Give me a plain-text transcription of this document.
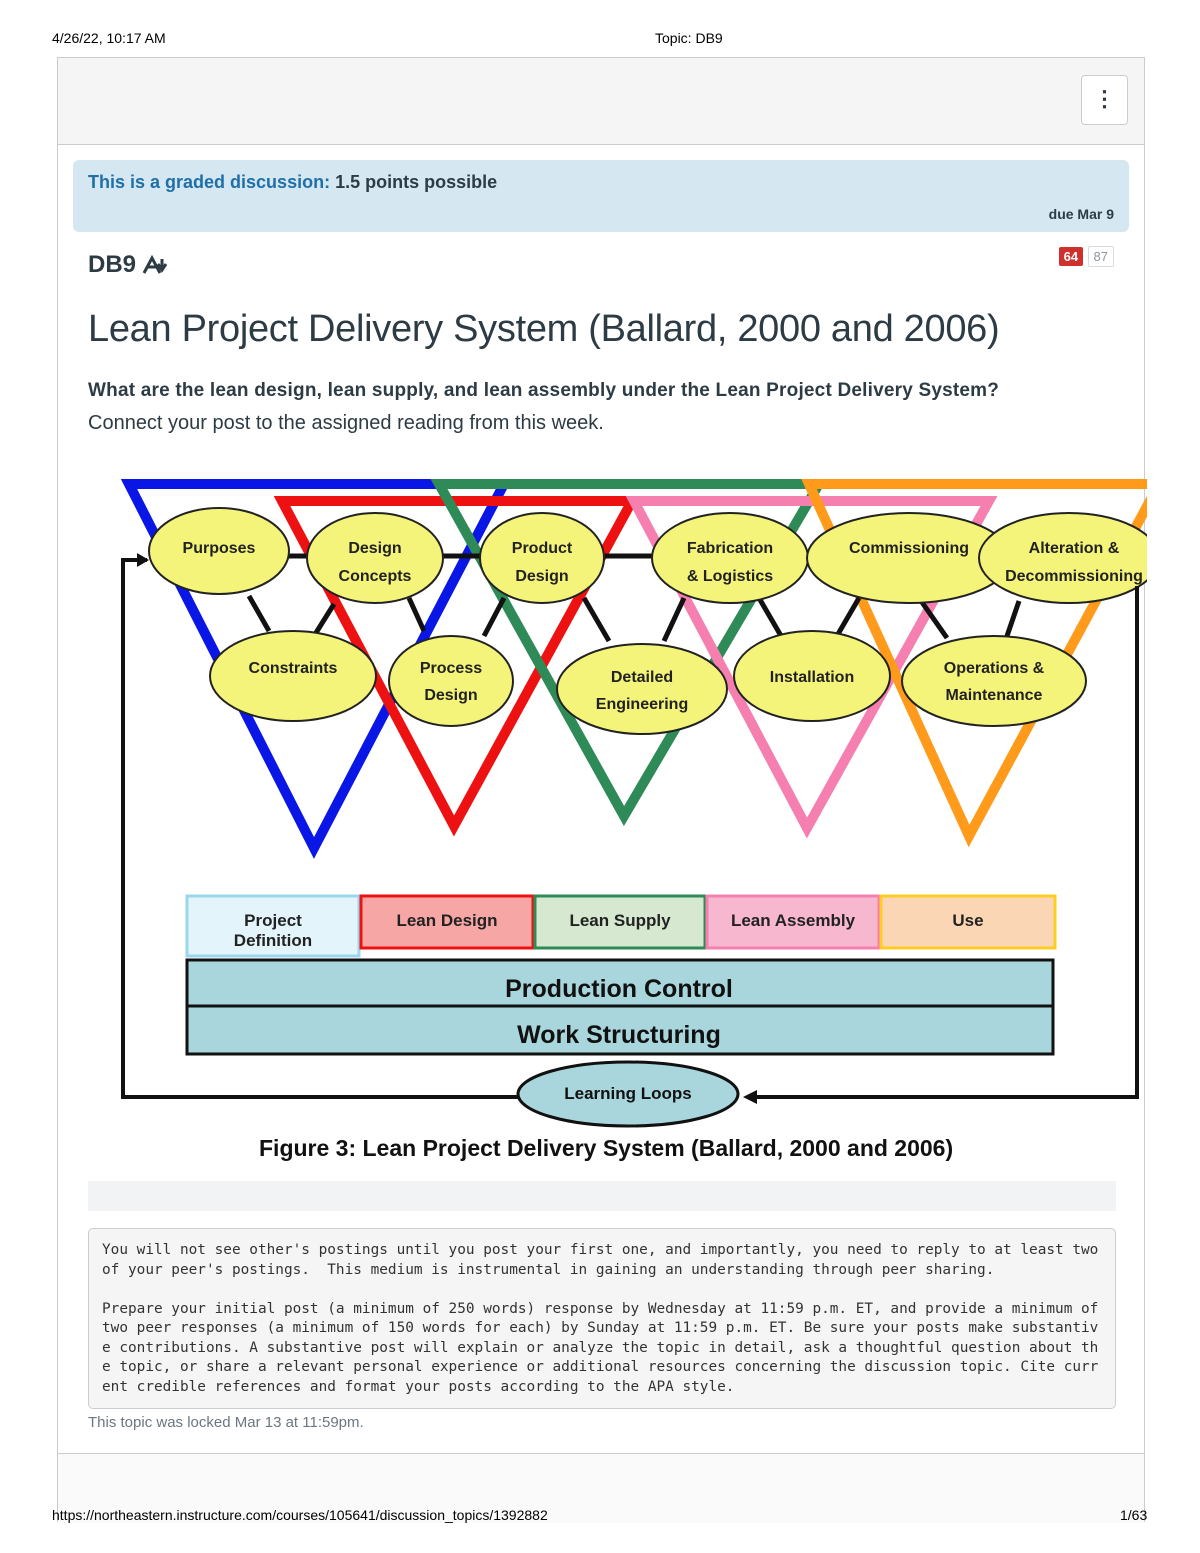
4/26/22, 10:17 AM	Topic: DB9
⋮
This is a graded discussion: 1.5 points possible
due Mar 9
DB9	64 87
Lean Project Delivery System (Ballard, 2000 and 2006)
What are the lean design, lean supply, and lean assembly under the Lean Project Delivery System?
Connect your post to the assigned reading from this week.
You will not see other's postings until you post your first one, and importantly, you need to reply to at least two of your peer's postings.  This medium is instrumental in gaining an understanding through peer sharing.

Prepare your initial post (a minimum of 250 words) response by Wednesday at 11:59 p.m. ET, and provide a minimum of two peer responses (a minimum of 150 words for each) by Sunday at 11:59 p.m. ET. Be sure your posts make substantive contributions. A substantive post will explain or analyze the topic in detail, ask a thoughtful question about the topic, or share a relevant personal experience or additional resources concerning the discussion topic. Cite current credible references and format your posts according to the APA style.
This topic was locked Mar 13 at 11:59pm.
Purposes	Design
Concepts
Product
Design
Fabrication
& Logistics
Commissioning	Alteration &
Decommissioning
Constraints	Process
Design
Detailed
Engineering
Installation
Operations &
Maintenance
Project
Definition
Lean Design	Lean Supply	Lean Assembly	Use
Production Control
Work Structuring
Learning Loops
Figure 3: Lean Project Delivery System (Ballard, 2000 and 2006)
https://northeastern.instructure.com/courses/105641/discussion_topics/1392882	1/63
